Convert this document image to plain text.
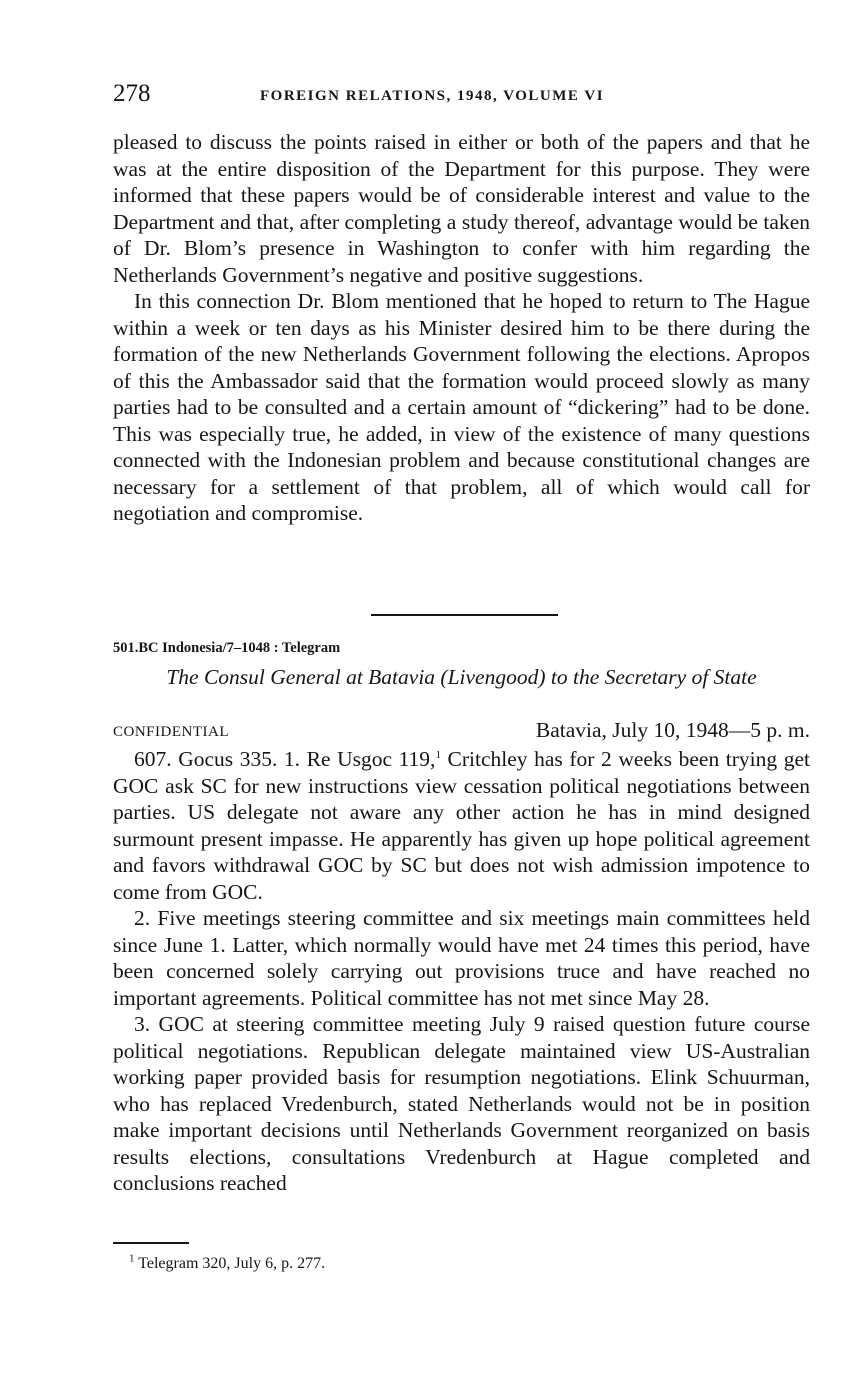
278	FOREIGN RELATIONS, 1948, VOLUME VI

pleased to discuss the points raised in either or both of the papers and that he was at the entire disposition of the Department for this purpose. They were informed that these papers would be of considerable interest and value to the Department and that, after completing a study thereof, advantage would be taken of Dr. Blom’s presence in Washington to confer with him regarding the Netherlands Government’s negative and positive suggestions.

In this connection Dr. Blom mentioned that he hoped to return to The Hague within a week or ten days as his Minister desired him to be there during the formation of the new Netherlands Government following the elections. Apropos of this the Ambassador said that the formation would proceed slowly as many parties had to be consulted and a certain amount of “dickering” had to be done. This was especially true, he added, in view of the existence of many questions connected with the Indonesian problem and because constitutional changes are necessary for a settlement of that problem, all of which would call for negotiation and compromise.

501.BC Indonesia/7–1048 : Telegram
The Consul General at Batavia (Livengood) to the Secretary of State
CONFIDENTIAL	Batavia, July 10, 1948—5 p. m.

607. Gocus 335. 1. Re Usgoc 119,$^1$ Critchley has for 2 weeks been trying get GOC ask SC for new instructions view cessation political negotiations between parties. US delegate not aware any other action he has in mind designed surmount present impasse. He apparently has given up hope political agreement and favors withdrawal GOC by SC but does not wish admission impotence to come from GOC.

2. Five meetings steering committee and six meetings main committees held since June 1. Latter, which normally would have met 24 times this period, have been concerned solely carrying out provisions truce and have reached no important agreements. Political committee has not met since May 28.

3. GOC at steering committee meeting July 9 raised question future course political negotiations. Republican delegate maintained view US-Australian working paper provided basis for resumption negotiations. Elink Schuurman, who has replaced Vredenburch, stated Netherlands would not be in position make important decisions until Netherlands Government reorganized on basis results elections, consultations Vredenburch at Hague completed and conclusions reached

$^1$ Telegram 320, July 6, p. 277.
